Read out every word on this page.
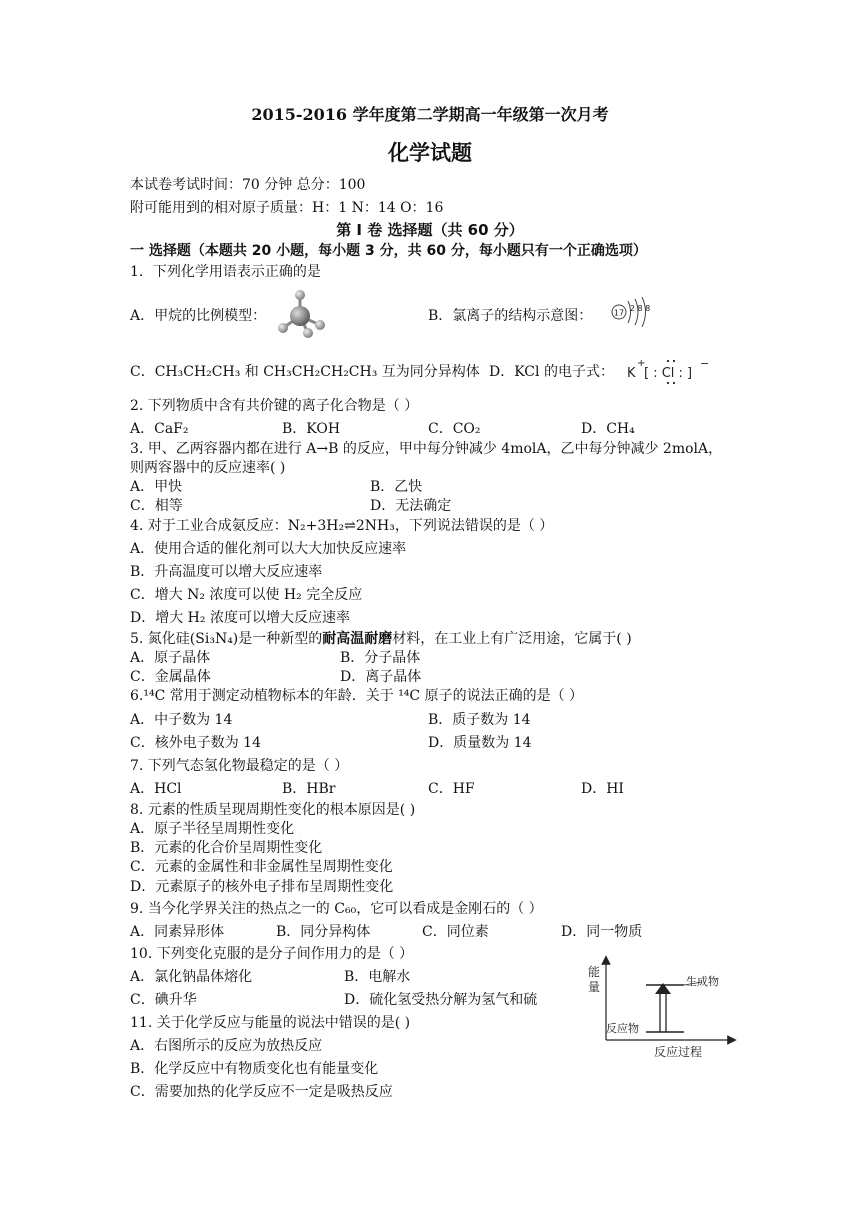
2015-2016 学年度第二学期高一年级第一次月考
化学试题
本试卷考试时间：70 分钟 总分：100
附可能用到的相对原子质量：H：1 N：14 O：16
第 Ⅰ 卷 选择题（共 60 分）
一 选择题（本题共 20 小题，每小题 3 分，共 60 分，每小题只有一个正确选项）
1．下列化学用语表示正确的是
A．甲烷的比例模型：	B．氯离子的结构示意图：	17 2 8 8
C．CH₃CH₂CH₃ 和 CH₃CH₂CH₂CH₃ 互为同分异构体 D．KCl 的电子式： K
+
[ : Cl : ]
−
2. 下列物质中含有共价键的离子化合物是（ ）
A．CaF₂	B．KOH	C．CO₂	D．CH₄
3. 甲、乙两容器内都在进行 A→B 的反应，甲中每分钟减少 4molA，乙中每分钟减少 2molA，
则两容器中的反应速率( )
A．甲快	B．乙快
C．相等	D．无法确定
4. 对于工业合成氨反应：N₂+3H₂⇌2NH₃，下列说法错误的是（ ）
A．使用合适的催化剂可以大大加快反应速率
B．升高温度可以增大反应速率
C．增大 N₂ 浓度可以使 H₂ 完全反应
D．增大 H₂ 浓度可以增大反应速率
5. 氮化硅(Si₃N₄)是一种新型的耐高温耐磨材料，在工业上有广泛用途，它属于( )
A．原子晶体	B．分子晶体
C．金属晶体	D．离子晶体
6.¹⁴C 常用于测定动植物标本的年龄．关于 ¹⁴C 原子的说法正确的是（ ）
A．中子数为 14	B．质子数为 14
C．核外电子数为 14	D．质量数为 14
7. 下列气态氢化物最稳定的是（ ）
A．HCl	B．HBr	C．HF	D．HI
8. 元素的性质呈现周期性变化的根本原因是( )
A．原子半径呈周期性变化
B．元素的化合价呈周期性变化
C．元素的金属性和非金属性呈周期性变化
D．元素原子的核外电子排布呈周期性变化
9. 当今化学界关注的热点之一的 C₆₀，它可以看成是金刚石的（ ）
A．同素异形体	B．同分异构体	C．同位素	D．同一物质
10. 下列变化克服的是分子间作用力的是（ ）
A．氯化钠晶体熔化	B．电解水
C．碘升华	D．硫化氢受热分解为氢气和硫
11. 关于化学反应与能量的说法中错误的是( )
A．右图所示的反应为放热反应
B．化学反应中有物质变化也有能量变化
C．需要加热的化学反应不一定是吸热反应
能
量	生成物
反应物
反应过程
